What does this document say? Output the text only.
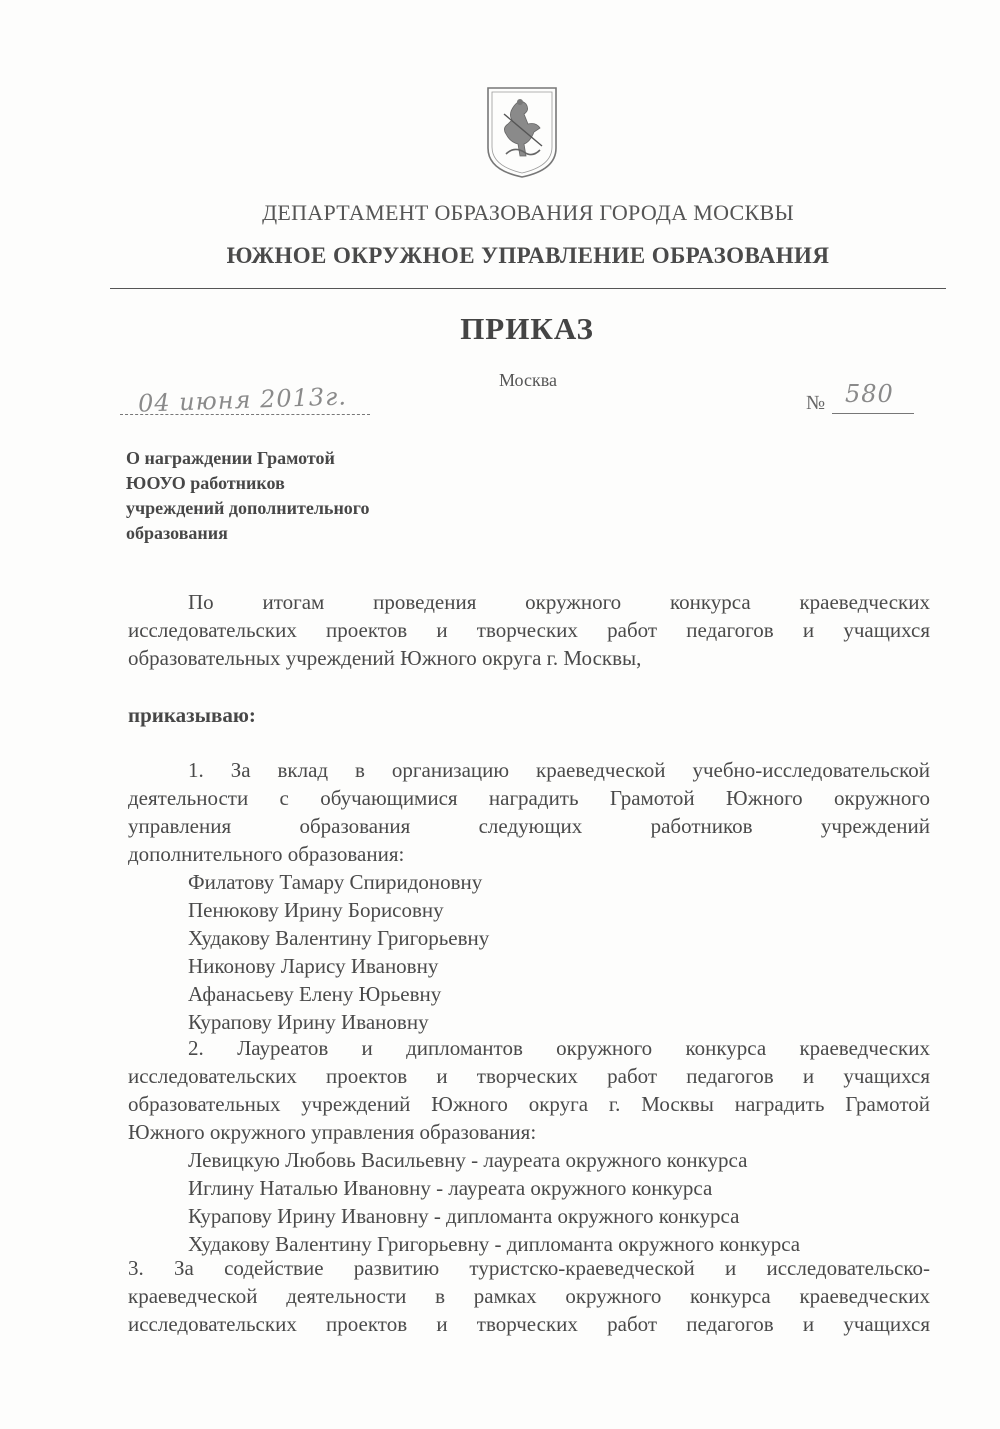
ДЕПАРТАМЕНТ ОБРАЗОВАНИЯ ГОРОДА МОСКВЫ
ЮЖНОЕ ОКРУЖНОЕ УПРАВЛЕНИЕ ОБРАЗОВАНИЯ
ПРИКАЗ
Москва
04 июня 2013г.	№ 580
О награждении Грамотой
ЮОУО работников
учреждений дополнительного
образования
По итогам проведения окружного конкурса краеведческих
исследовательских проектов и творческих работ педагогов и учащихся
образовательных учреждений Южного округа г. Москвы,
приказываю:
1. За вклад в организацию краеведческой учебно-исследовательской
деятельности с обучающимися наградить Грамотой Южного окружного
управления образования следующих работников учреждений
дополнительного образования:
Филатову Тамару Спиридоновну
Пенюкову Ирину Борисовну
Худакову Валентину Григорьевну
Никонову Ларису Ивановну
Афанасьеву Елену Юрьевну
Курапову Ирину Ивановну
2. Лауреатов и дипломантов окружного конкурса краеведческих
исследовательских проектов и творческих работ педагогов и учащихся
образовательных учреждений Южного округа г. Москвы наградить Грамотой
Южного окружного управления образования:
Левицкую Любовь Васильевну - лауреата окружного конкурса
Иглину Наталью Ивановну - лауреата окружного конкурса
Курапову Ирину Ивановну - дипломанта окружного конкурса
Худакову Валентину Григорьевну - дипломанта окружного конкурса
3. За содействие развитию туристско-краеведческой и исследовательско-
краеведческой деятельности в рамках окружного конкурса краеведческих
исследовательских проектов и творческих работ педагогов и учащихся
